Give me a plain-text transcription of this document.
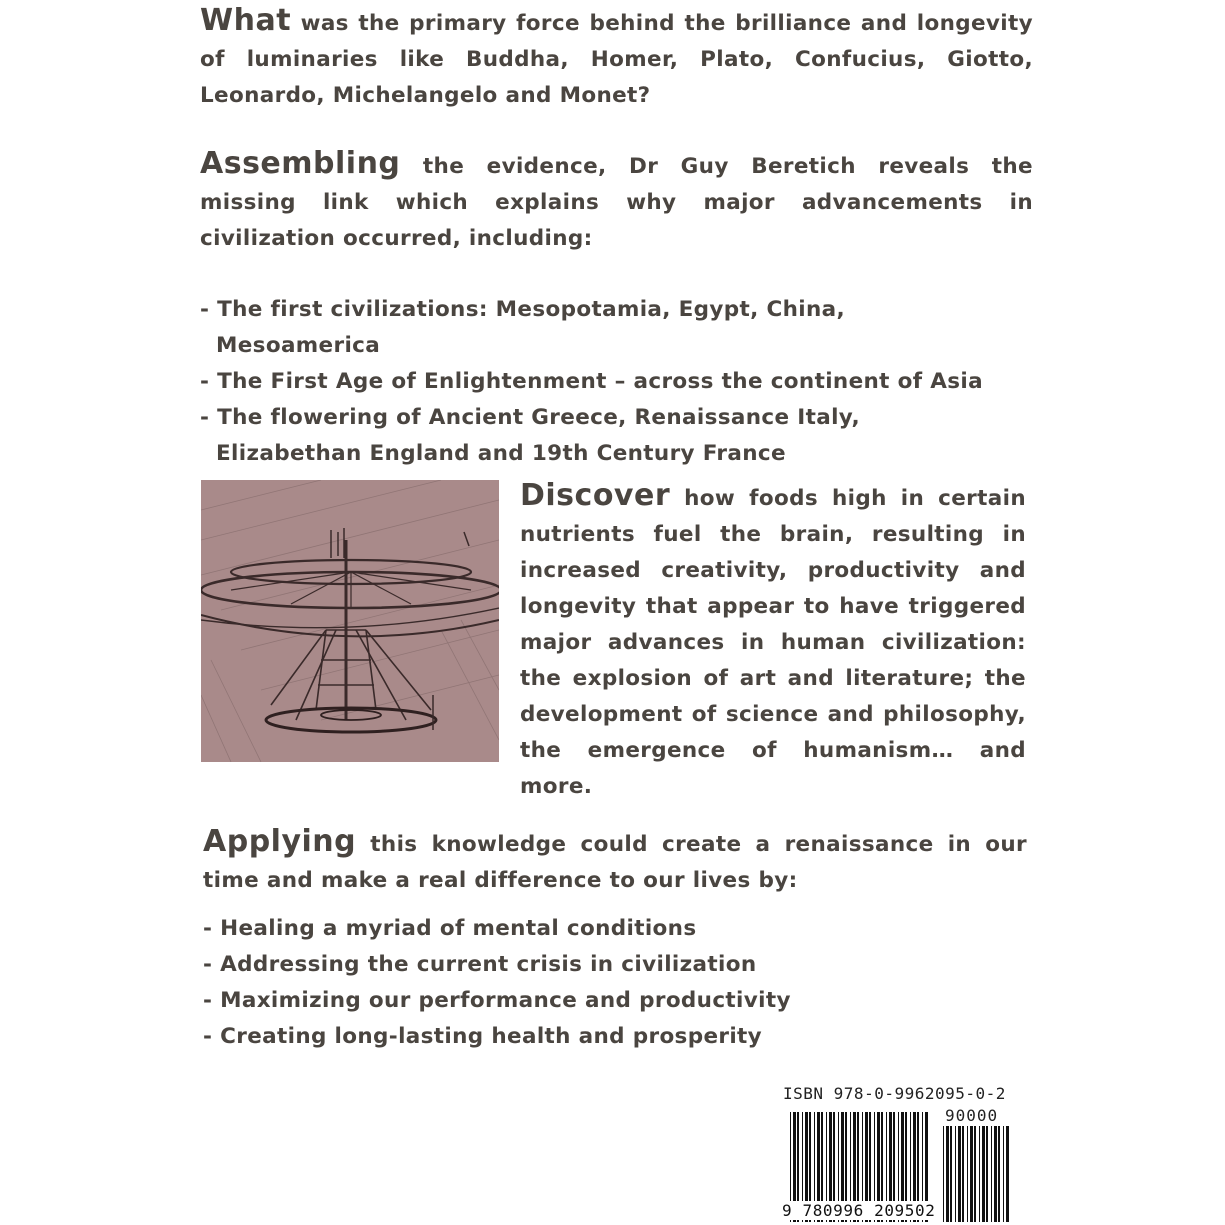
What was the primary force behind the brilliance and longevity of luminaries like Buddha, Homer, Plato, Confucius, Giotto, Leonardo, Michelangelo and Monet?

Assembling the evidence, Dr Guy Beretich reveals the missing link which explains why major advancements in civilization occurred, including:

- The first civilizations: Mesopotamia, Egypt, China, Mesoamerica
- The First Age of Enlightenment – across the continent of Asia
- The flowering of Ancient Greece, Renaissance Italy, Elizabethan England and 19th Century France

Discover how foods high in certain nutrients fuel the brain, resulting in increased creativity, productivity and longevity that appear to have triggered major advances in human civilization: the explosion of art and literature; the development of science and philosophy, the emergence of humanism… and more.

Applying this knowledge could create a renaissance in our time and make a real difference to our lives by:

- Healing a myriad of mental conditions
- Addressing the current crisis in civilization
- Maximizing our performance and productivity
- Creating long-lasting health and prosperity
ISBN 978-0-9962095-0-2
90000
9 780996 209502
